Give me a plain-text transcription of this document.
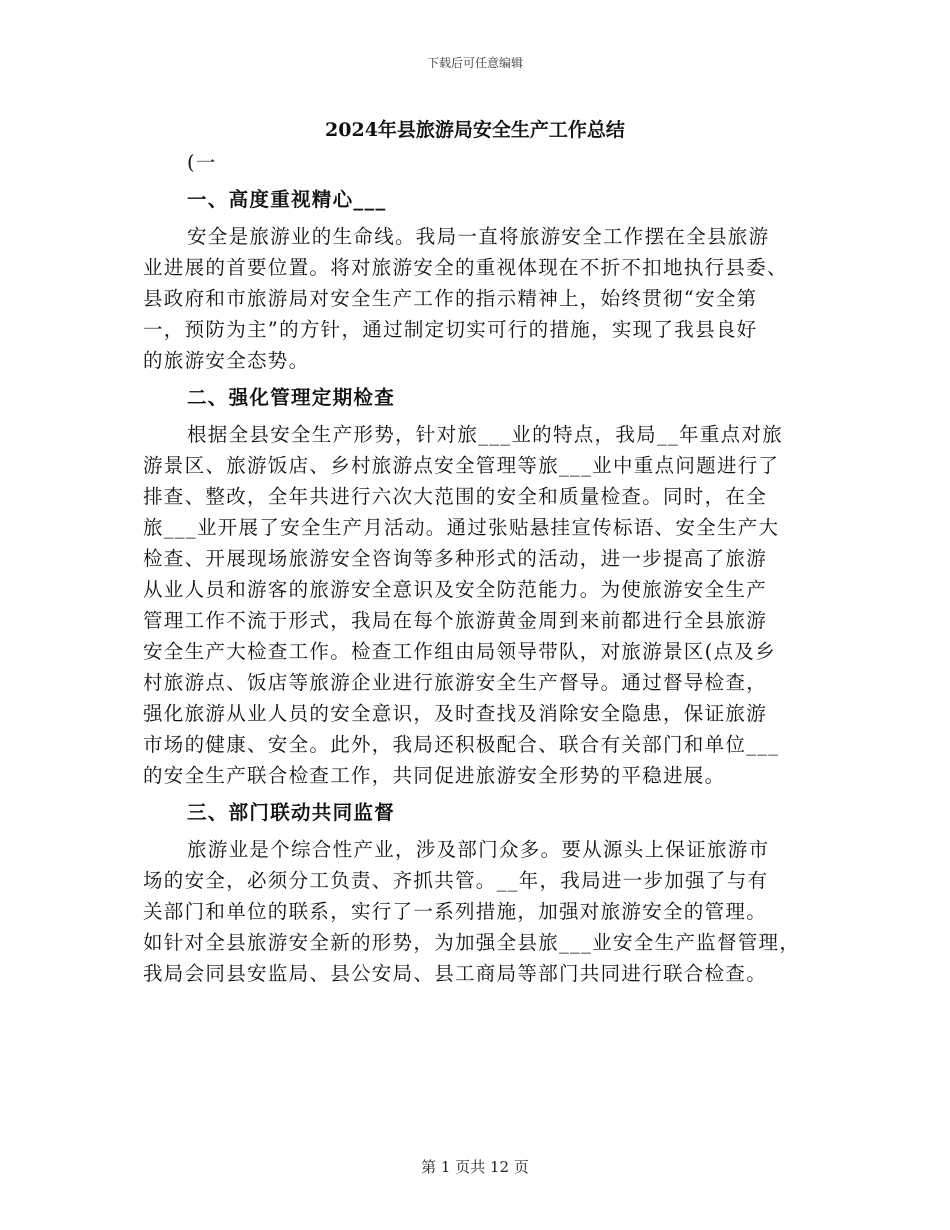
下载后可任意编辑
2024年县旅游局安全生产工作总结
(一
一、高度重视精心___
安全是旅游业的生命线。我局一直将旅游安全工作摆在全县旅游
业进展的首要位置。将对旅游安全的重视体现在不折不扣地执行县委、
县政府和市旅游局对安全生产工作的指示精神上，始终贯彻“安全第
一，预防为主”的方针，通过制定切实可行的措施，实现了我县良好
的旅游安全态势。
二、强化管理定期检查
根据全县安全生产形势，针对旅___业的特点，我局__年重点对旅
游景区、旅游饭店、乡村旅游点安全管理等旅___业中重点问题进行了
排查、整改，全年共进行六次大范围的安全和质量检查。同时，在全
旅___业开展了安全生产月活动。通过张贴悬挂宣传标语、安全生产大
检查、开展现场旅游安全咨询等多种形式的活动，进一步提高了旅游
从业人员和游客的旅游安全意识及安全防范能力。为使旅游安全生产
管理工作不流于形式，我局在每个旅游黄金周到来前都进行全县旅游
安全生产大检查工作。检查工作组由局领导带队，对旅游景区(点及乡
村旅游点、饭店等旅游企业进行旅游安全生产督导。通过督导检查，
强化旅游从业人员的安全意识，及时查找及消除安全隐患，保证旅游
市场的健康、安全。此外，我局还积极配合、联合有关部门和单位___
的安全生产联合检查工作，共同促进旅游安全形势的平稳进展。
三、部门联动共同监督
旅游业是个综合性产业，涉及部门众多。要从源头上保证旅游市
场的安全，必须分工负责、齐抓共管。__年，我局进一步加强了与有
关部门和单位的联系，实行了一系列措施，加强对旅游安全的管理。
如针对全县旅游安全新的形势，为加强全县旅___业安全生产监督管理，
我局会同县安监局、县公安局、县工商局等部门共同进行联合检查。
第 1 页共 12 页
